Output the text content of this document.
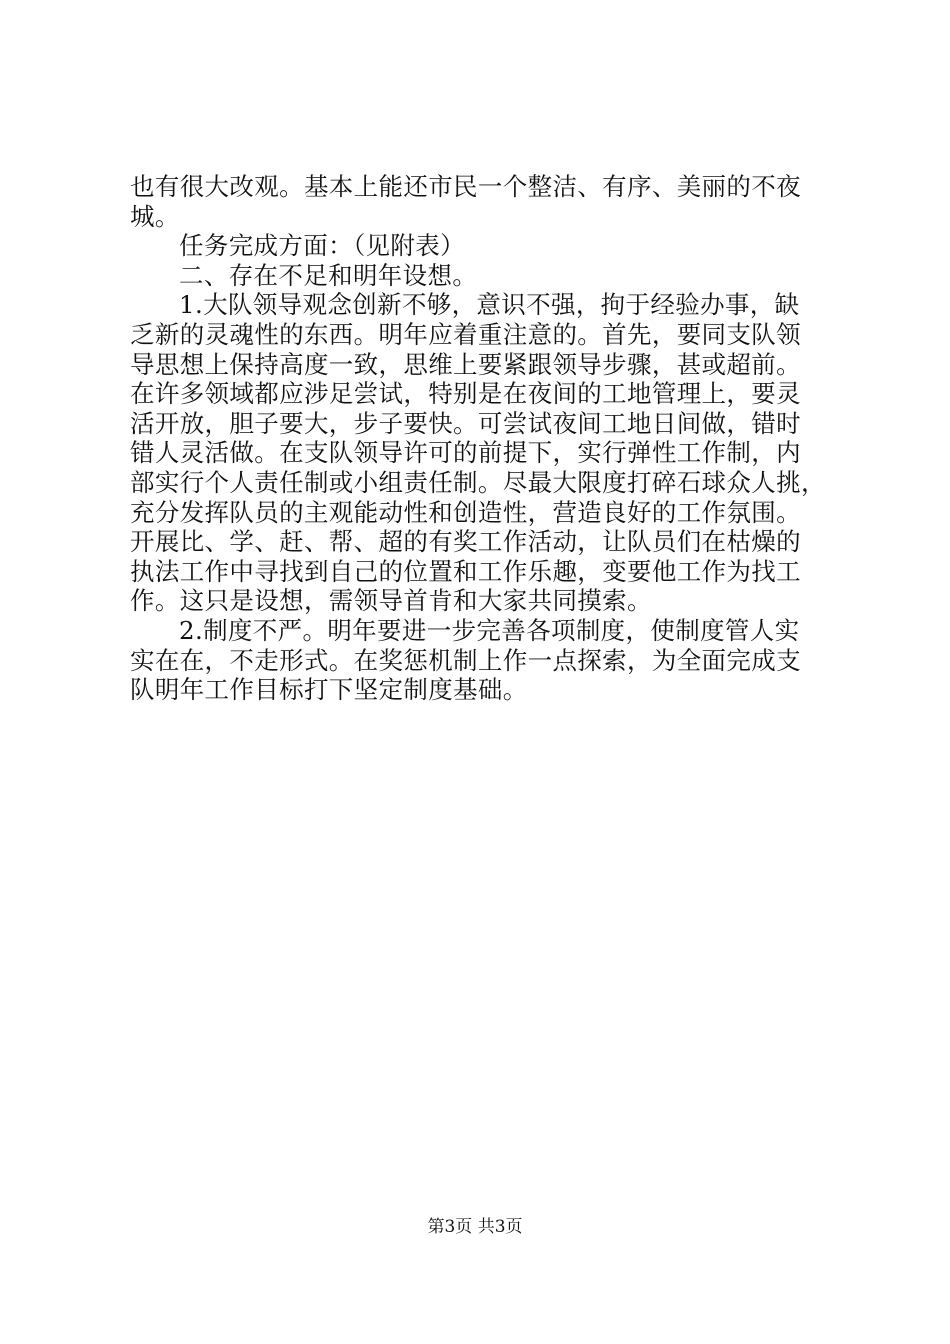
也有很大改观。基本上能还市民一个整洁、有序、美丽的不夜
城。
任务完成方面：（见附表）
二、存在不足和明年设想。
1.大队领导观念创新不够，意识不强，拘于经验办事，缺
乏新的灵魂性的东西。明年应着重注意的。首先，要同支队领
导思想上保持高度一致，思维上要紧跟领导步骤，甚或超前。
在许多领域都应涉足尝试，特别是在夜间的工地管理上，要灵
活开放，胆子要大，步子要快。可尝试夜间工地日间做，错时
错人灵活做。在支队领导许可的前提下，实行弹性工作制，内
部实行个人责任制或小组责任制。尽最大限度打碎石球众人挑，
充分发挥队员的主观能动性和创造性，营造良好的工作氛围。
开展比、学、赶、帮、超的有奖工作活动，让队员们在枯燥的
执法工作中寻找到自己的位置和工作乐趣，变要他工作为找工
作。这只是设想，需领导首肯和大家共同摸索。
2.制度不严。明年要进一步完善各项制度，使制度管人实
实在在，不走形式。在奖惩机制上作一点探索，为全面完成支
队明年工作目标打下坚定制度基础。
第3页 共3页
